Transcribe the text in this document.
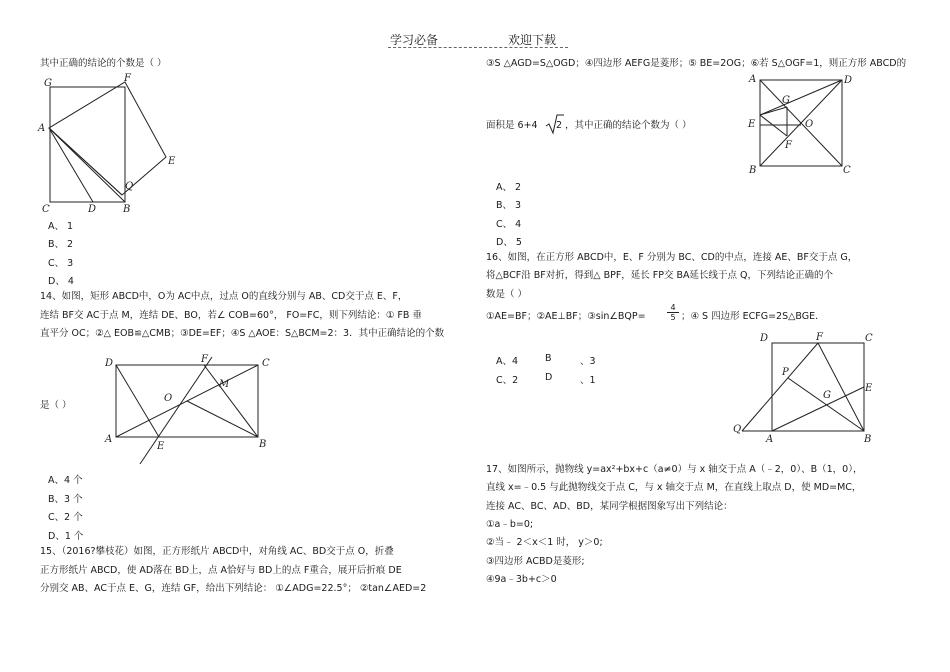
学习必备	欢迎下载
其中正确的结论的个数是（ ）
G	F
A
E
Q
C	D	B
A、 1
B、 2
C、 3
D、 4
14、如图，矩形 ABCD中，O为 AC中点，过点 O的直线分别与 AB、CD交于点 E、F，
连结 BF交 AC于点 M，连结 DE、BO，若∠ COB=60°， FO=FC，则下列结论：① FB 垂
直平分 OC；②△ EOB≌△CMB；③DE=EF；④S △AOE：S△BCM=2：3．其中正确结论的个数
D	F	C
M
O
A
E	B
是（ ）
A、4 个
B、3 个
C、2 个
D、1 个
15、（2016?攀枝花）如图，正方形纸片 ABCD中，对角线 AC、BD交于点 O，折叠
正方形纸片 ABCD，使 AD落在 BD上，点 A恰好与 BD上的点 F重合，展开后折痕 DE
分别交 AB、AC于点 E、G，连结 GF，给出下列结论： ①∠ADG=22.5°； ②tan∠AED=2
③S △AGD=S△OGD；④四边形 AEFG是菱形；⑤ BE=2OG；⑥若 S△OGF=1，则正方形 ABCD的
A	D
G
E	O
F
B	C
面积是 6+4 2 ，其中正确的结论个数为（ ）
A、 2
B、 3
C、 4
D、 5
16、如图，在正方形 ABCD中，E、F 分别为 BC、CD的中点，连接 AE、BF交于点 G，
将△BCF沿 BF对折，得到△ BPF，延长 FP交 BA延长线于点 Q，下列结论正确的个
数是（ ）
①AE=BF；②AE⊥BF；③sin∠BQP=	$\frac{4}{5}$ ；④ S 四边形 ECFG=2S△BGE．
A、4	B	、3
C、2	D	、1
D	F	C
P
E
G
Q
A	B
17、如图所示，抛物线 y=ax²+bx+c（a≠0）与 x 轴交于点 A（﹣2，0）、B（1，0），
直线 x=﹣0.5 与此抛物线交于点 C，与 x 轴交于点 M，在直线上取点 D，使 MD=MC，
连接 AC、BC、AD、BD，某同学根据图象写出下列结论：
①a﹣b=0;
②当﹣ 2＜x＜1 时， y＞0;
③四边形 ACBD是菱形;
④9a﹣3b+c＞0
